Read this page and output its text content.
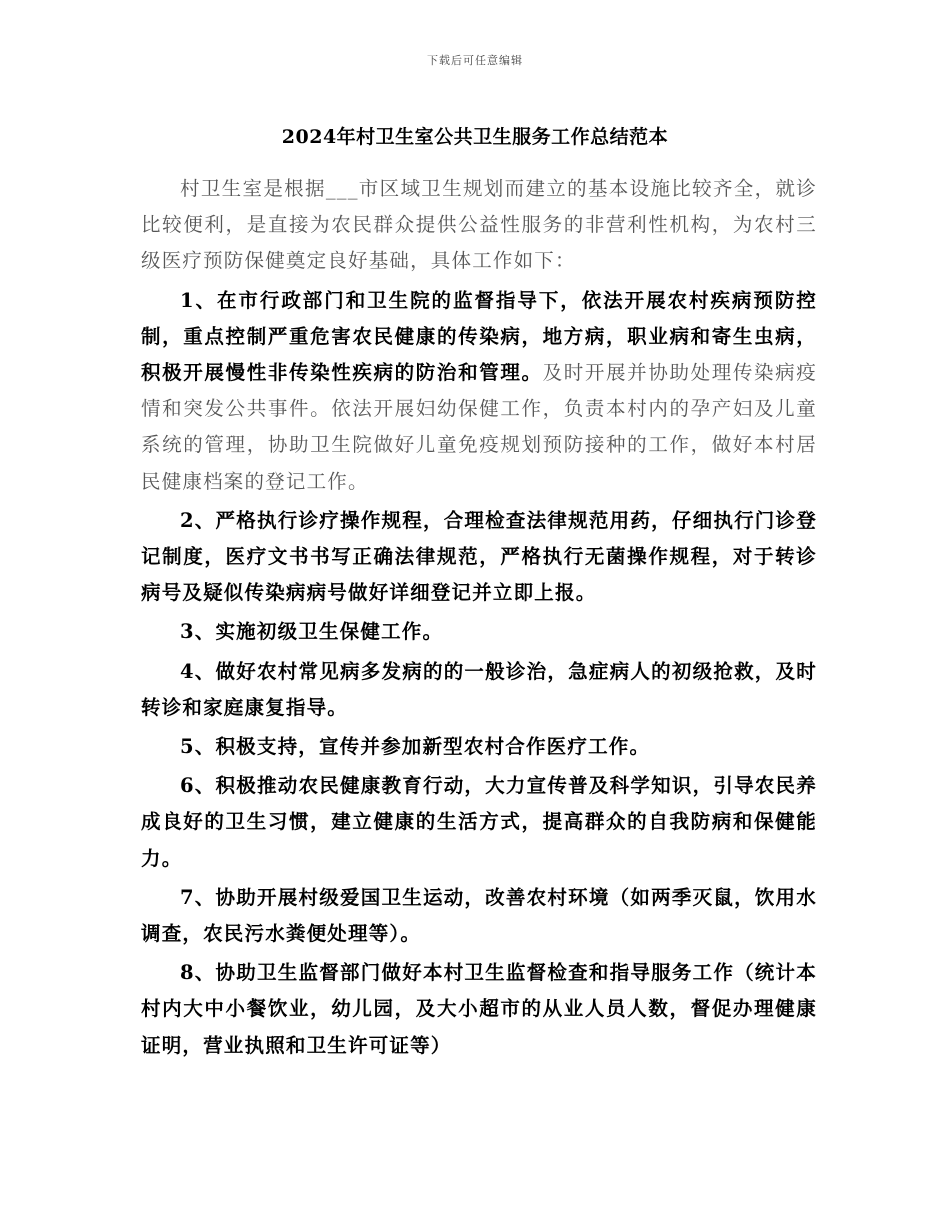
下载后可任意编辑
2024年村卫生室公共卫生服务工作总结范本

村卫生室是根据___市区域卫生规划而建立的基本设施比较齐全，就诊比较便利，是直接为农民群众提供公益性服务的非营利性机构，为农村三级医疗预防保健奠定良好基础，具体工作如下：

1、在市行政部门和卫生院的监督指导下，依法开展农村疾病预防控制，重点控制严重危害农民健康的传染病，地方病，职业病和寄生虫病，积极开展慢性非传染性疾病的防治和管理。及时开展并协助处理传染病疫情和突发公共事件。依法开展妇幼保健工作，负责本村内的孕产妇及儿童系统的管理，协助卫生院做好儿童免疫规划预防接种的工作，做好本村居民健康档案的登记工作。

2、严格执行诊疗操作规程，合理检查法律规范用药，仔细执行门诊登记制度，医疗文书书写正确法律规范，严格执行无菌操作规程，对于转诊病号及疑似传染病病号做好详细登记并立即上报。

3、实施初级卫生保健工作。

4、做好农村常见病多发病的的一般诊治，急症病人的初级抢救，及时转诊和家庭康复指导。

5、积极支持，宣传并参加新型农村合作医疗工作。

6、积极推动农民健康教育行动，大力宣传普及科学知识，引导农民养成良好的卫生习惯，建立健康的生活方式，提高群众的自我防病和保健能力。

7、协助开展村级爱国卫生运动，改善农村环境（如两季灭鼠，饮用水调查，农民污水粪便处理等）。

8、协助卫生监督部门做好本村卫生监督检查和指导服务工作（统计本村内大中小餐饮业，幼儿园，及大小超市的从业人员人数，督促办理健康证明，营业执照和卫生许可证等）
